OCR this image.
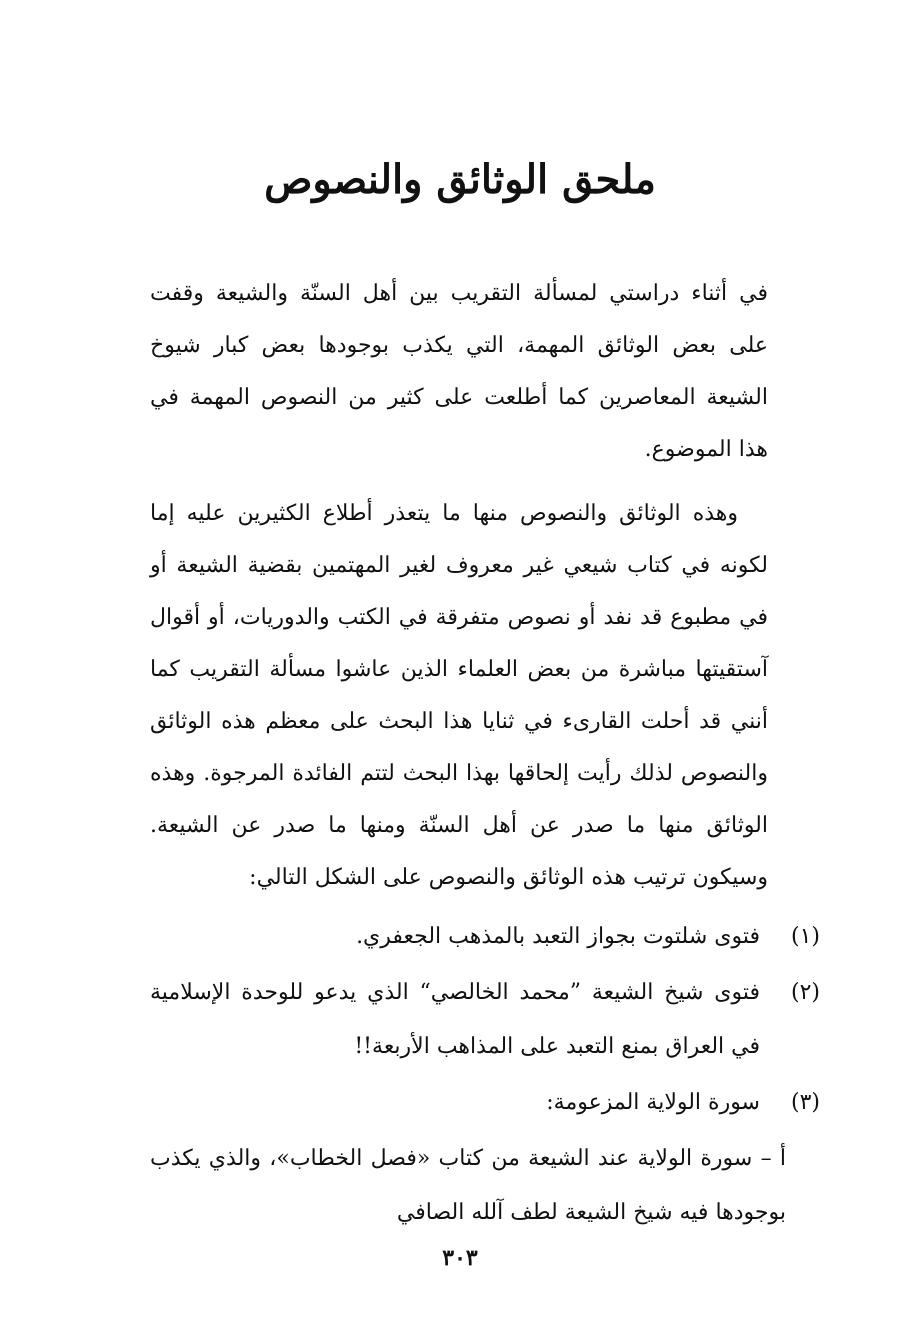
ملحق الوثائق والنصوص

في أثناء دراستي لمسألة التقريب بين أهل السنّة والشيعة وقفت على بعض الوثائق المهمة، التي يكذب بوجودها بعض كبار شيوخ الشيعة المعاصرين كما أطلعت على كثير من النصوص المهمة في هذا الموضوع.

وهذه الوثائق والنصوص منها ما يتعذر أطلاع الكثيرين عليه إما لكونه في كتاب شيعي غير معروف لغير المهتمين بقضية الشيعة أو في مطبوع قد نفد أو نصوص متفرقة في الكتب والدوريات، أو أقوال آستقيتها مباشرة من بعض العلماء الذين عاشوا مسألة التقريب كما أنني قد أحلت القارىء في ثنايا هذا البحث على معظم هذه الوثائق والنصوص لذلك رأيت إلحاقها بهذا البحث لتتم الفائدة المرجوة. وهذه الوثائق منها ما صدر عن أهل السنّة ومنها ما صدر عن الشيعة. وسيكون ترتيب هذه الوثائق والنصوص على الشكل التالي:

(١)
فتوى شلتوت بجواز التعبد بالمذهب الجعفري.
(٢)
فتوى شيخ الشيعة ”محمد الخالصي“ الذي يدعو للوحدة الإسلامية في العراق بمنع التعبد على المذاهب الأربعة!!
(٣)
سورة الولاية المزعومة:

أ – سورة الولاية عند الشيعة من كتاب «فصل الخطاب»، والذي يكذب بوجودها فيه شيخ الشيعة لطف آلله الصافي

٣٠٣
